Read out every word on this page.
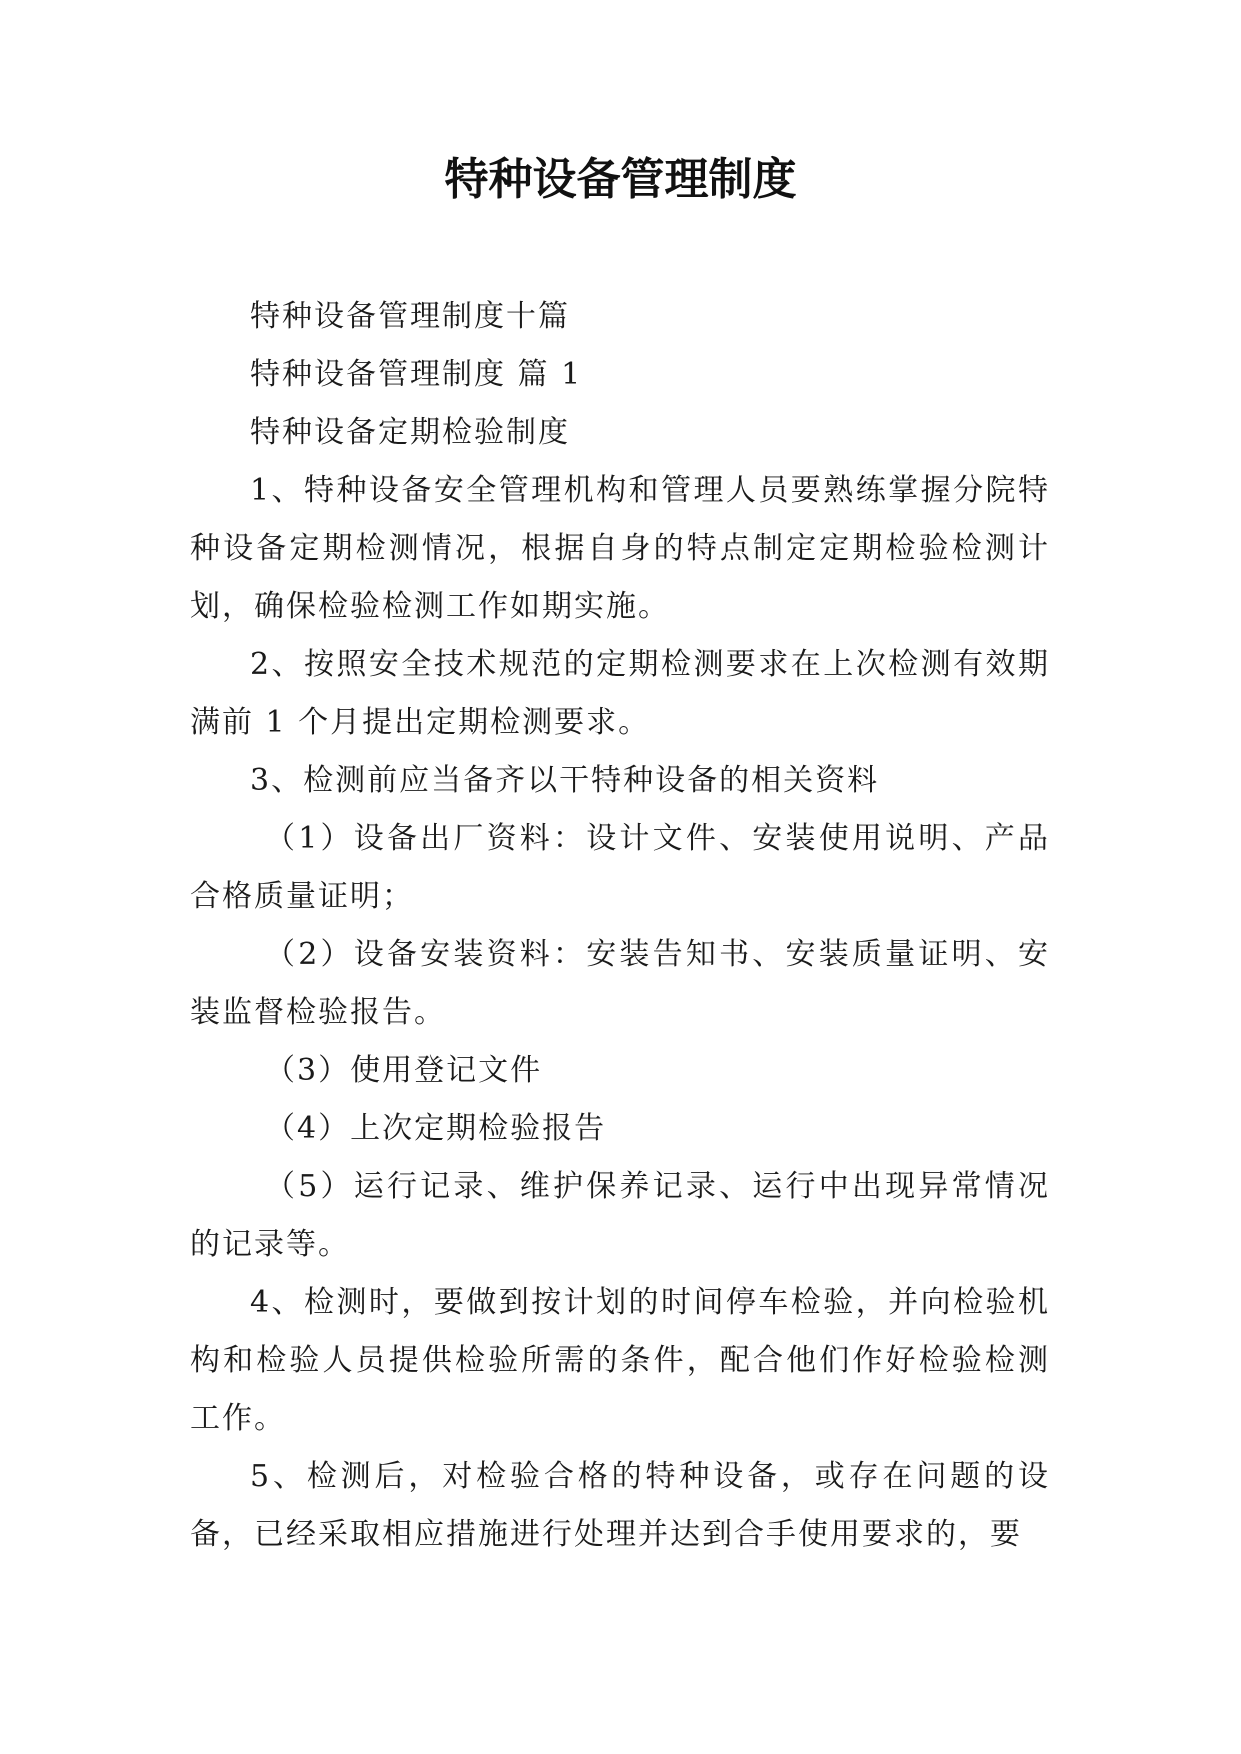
特种设备管理制度

特种设备管理制度十篇

特种设备管理制度 篇 1

特种设备定期检验制度

1、特种设备安全管理机构和管理人员要熟练掌握分院特种设备定期检测情况，根据自身的特点制定定期检验检测计划，确保检验检测工作如期实施。

2、按照安全技术规范的定期检测要求在上次检测有效期满前 1 个月提出定期检测要求。

3、检测前应当备齐以干特种设备的相关资料

（1）设备出厂资料：设计文件、安装使用说明、产品合格质量证明；

（2）设备安装资料：安装告知书、安装质量证明、安装监督检验报告。

（3）使用登记文件

（4）上次定期检验报告

（5）运行记录、维护保养记录、运行中出现异常情况的记录等。

4、检测时，要做到按计划的时间停车检验，并向检验机构和检验人员提供检验所需的条件，配合他们作好检验检测工作。

5、检测后，对检验合格的特种设备，或存在问题的设备，已经采取相应措施进行处理并达到合手使用要求的，要
